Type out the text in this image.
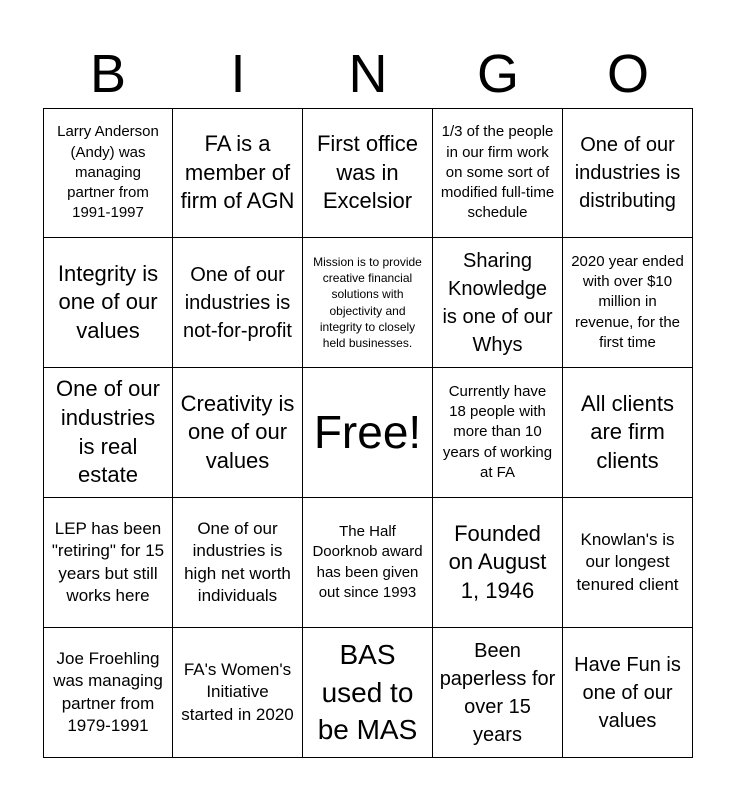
B	I	N	G	O
Larry Anderson (Andy) was managing partner from 1991-1997
FA is a member of firm of AGN
First office was in Excelsior
1/3 of the people in our firm work on some sort of modified full-time schedule
One of our industries is distributing
Integrity is one of our values
One of our industries is not-for-profit
Mission is to provide creative financial solutions with objectivity and integrity to closely held businesses.
Sharing Knowledge is one of our Whys
2020 year ended with over $10 million in revenue, for the first time
One of our industries is real estate
Creativity is one of our values
Free!
Currently have 18 people with more than 10 years of working at FA
All clients are firm clients
LEP has been "retiring" for 15 years but still works here
One of our industries is high net worth individuals
The Half Doorknob award has been given out since 1993
Founded on August 1, 1946
Knowlan's is our longest tenured client
Joe Froehling was managing partner from 1979-1991
FA's Women's Initiative started in 2020
BAS used to be MAS
Been paperless for over 15 years
Have Fun is one of our values
